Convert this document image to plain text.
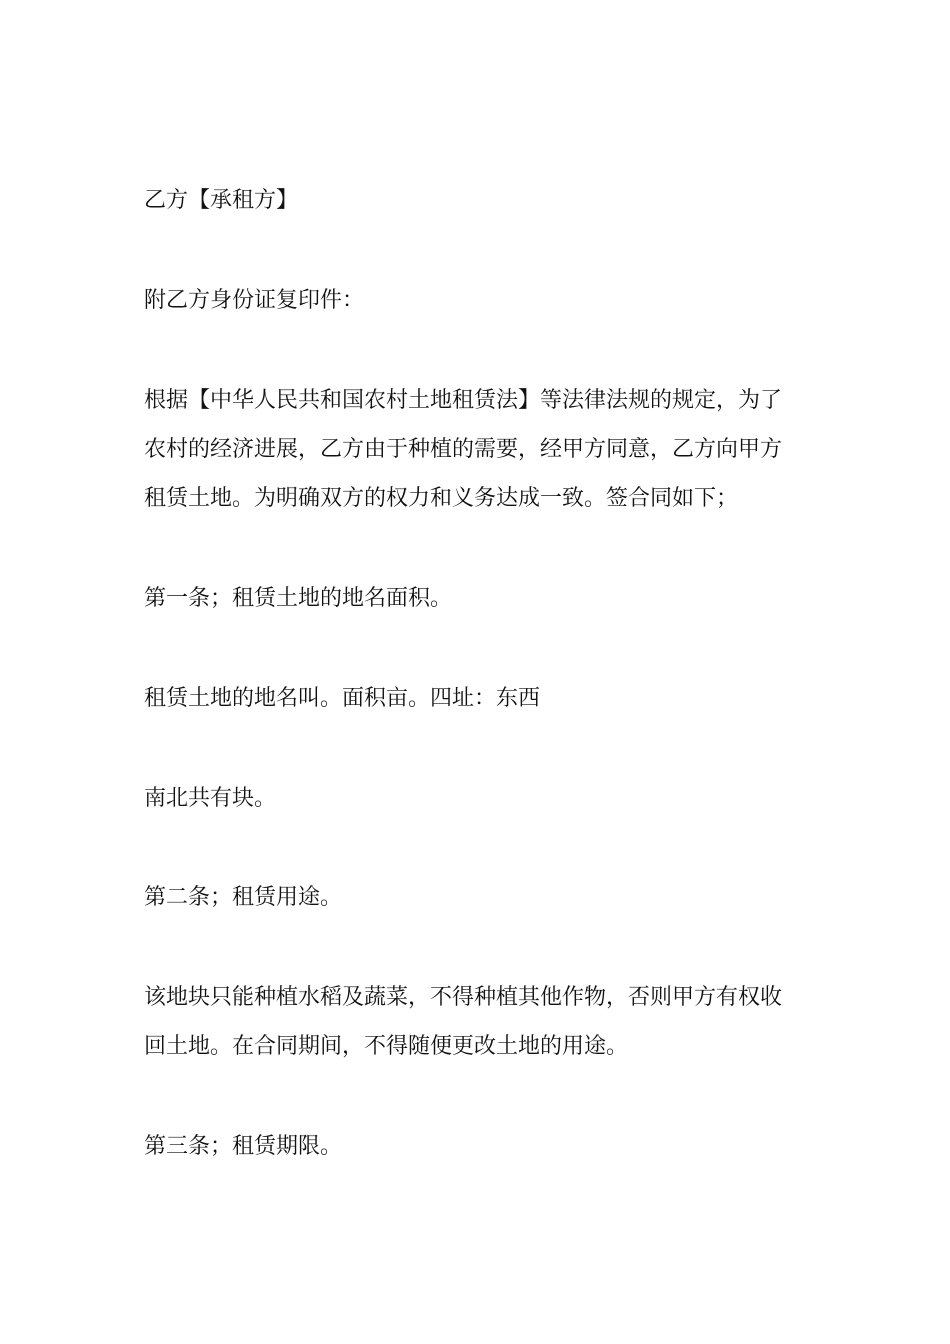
乙方【承租方】

附乙方身份证复印件：

根据【中华人民共和国农村土地租赁法】等法律法规的规定，为了
农村的经济进展，乙方由于种植的需要，经甲方同意，乙方向甲方
租赁土地。为明确双方的权力和义务达成一致。签合同如下；

第一条；租赁土地的地名面积。

租赁土地的地名叫。面积亩。四址：东西

南北共有块。

第二条；租赁用途。

该地块只能种植水稻及蔬菜，不得种植其他作物，否则甲方有权收
回土地。在合同期间，不得随便更改土地的用途。

第三条；租赁期限。
